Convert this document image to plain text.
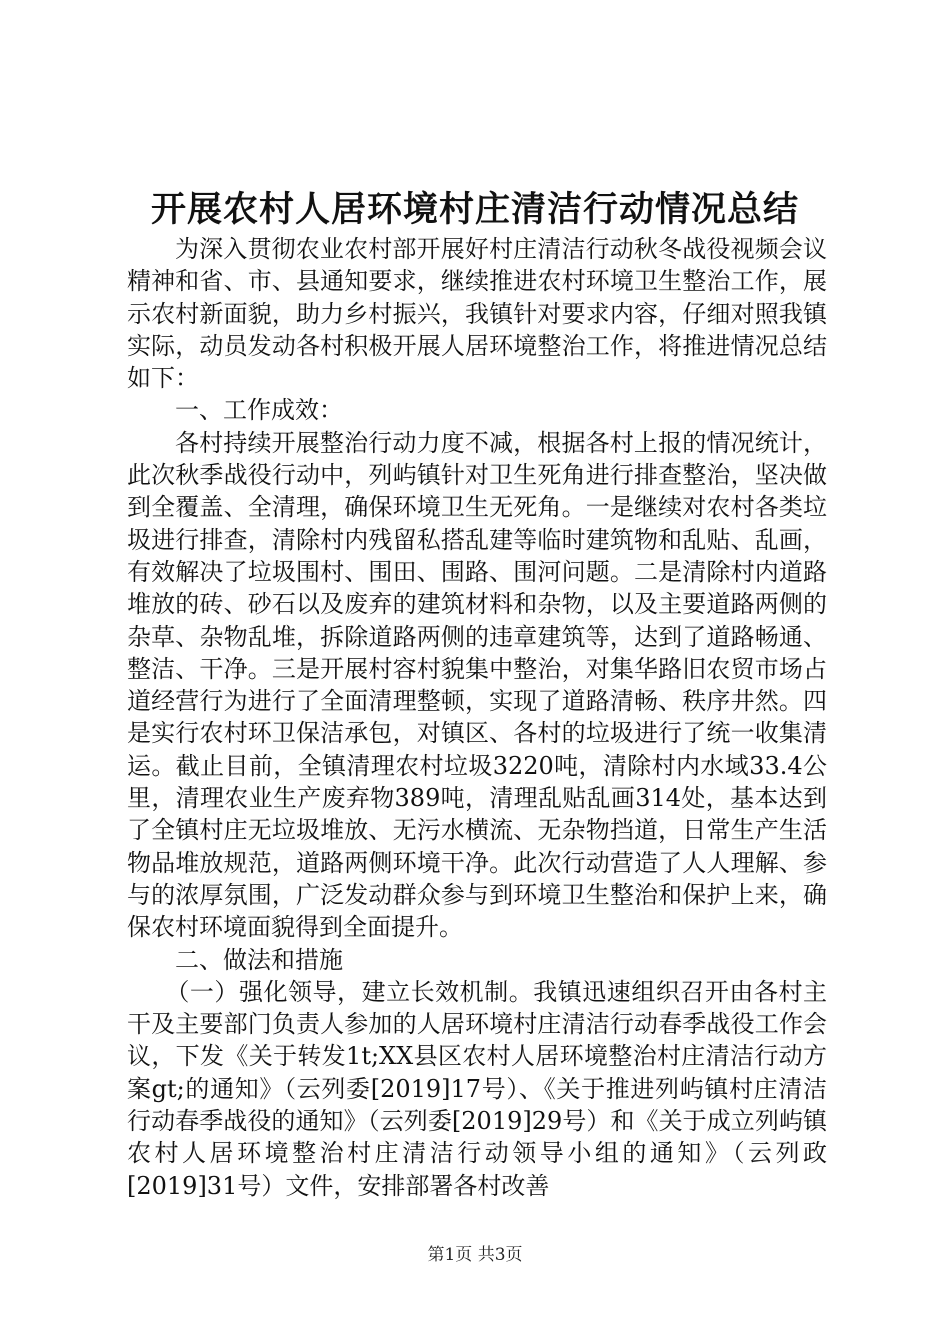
开展农村人居环境村庄清洁行动情况总结

为深入贯彻农业农村部开展好村庄清洁行动秋冬战役视频会议精神和省、市、县通知要求，继续推进农村环境卫生整治工作，展示农村新面貌，助力乡村振兴，我镇针对要求内容，仔细对照我镇实际，动员发动各村积极开展人居环境整治工作，将推进情况总结如下：

一、工作成效：

各村持续开展整治行动力度不减，根据各村上报的情况统计，此次秋季战役行动中，列屿镇针对卫生死角进行排查整治，坚决做到全覆盖、全清理，确保环境卫生无死角。一是继续对农村各类垃圾进行排查，清除村内残留私搭乱建等临时建筑物和乱贴、乱画，有效解决了垃圾围村、围田、围路、围河问题。二是清除村内道路堆放的砖、砂石以及废弃的建筑材料和杂物，以及主要道路两侧的杂草、杂物乱堆，拆除道路两侧的违章建筑等，达到了道路畅通、整洁、干净。三是开展村容村貌集中整治，对集华路旧农贸市场占道经营行为进行了全面清理整顿，实现了道路清畅、秩序井然。四是实行农村环卫保洁承包，对镇区、各村的垃圾进行了统一收集清运。截止目前，全镇清理农村垃圾3220吨，清除村内水域33.4公里，清理农业生产废弃物389吨，清理乱贴乱画314处，基本达到了全镇村庄无垃圾堆放、无污水横流、无杂物挡道，日常生产生活物品堆放规范，道路两侧环境干净。此次行动营造了人人理解、参与的浓厚氛围，广泛发动群众参与到环境卫生整治和保护上来，确保农村环境面貌得到全面提升。

二、做法和措施

（一）强化领导，建立长效机制。我镇迅速组织召开由各村主干及主要部门负责人参加的人居环境村庄清洁行动春季战役工作会议，下发《关于转发1t;XX县区农村人居环境整治村庄清洁行动方案gt;的通知》（云列委[2019]17号）、《关于推进列屿镇村庄清洁行动春季战役的通知》（云列委[2019]29号）和《关于成立列屿镇农村人居环境整治村庄清洁行动领导小组的通知》（云列政[2019]31号）文件，安排部署各村改善

第1页 共3页
